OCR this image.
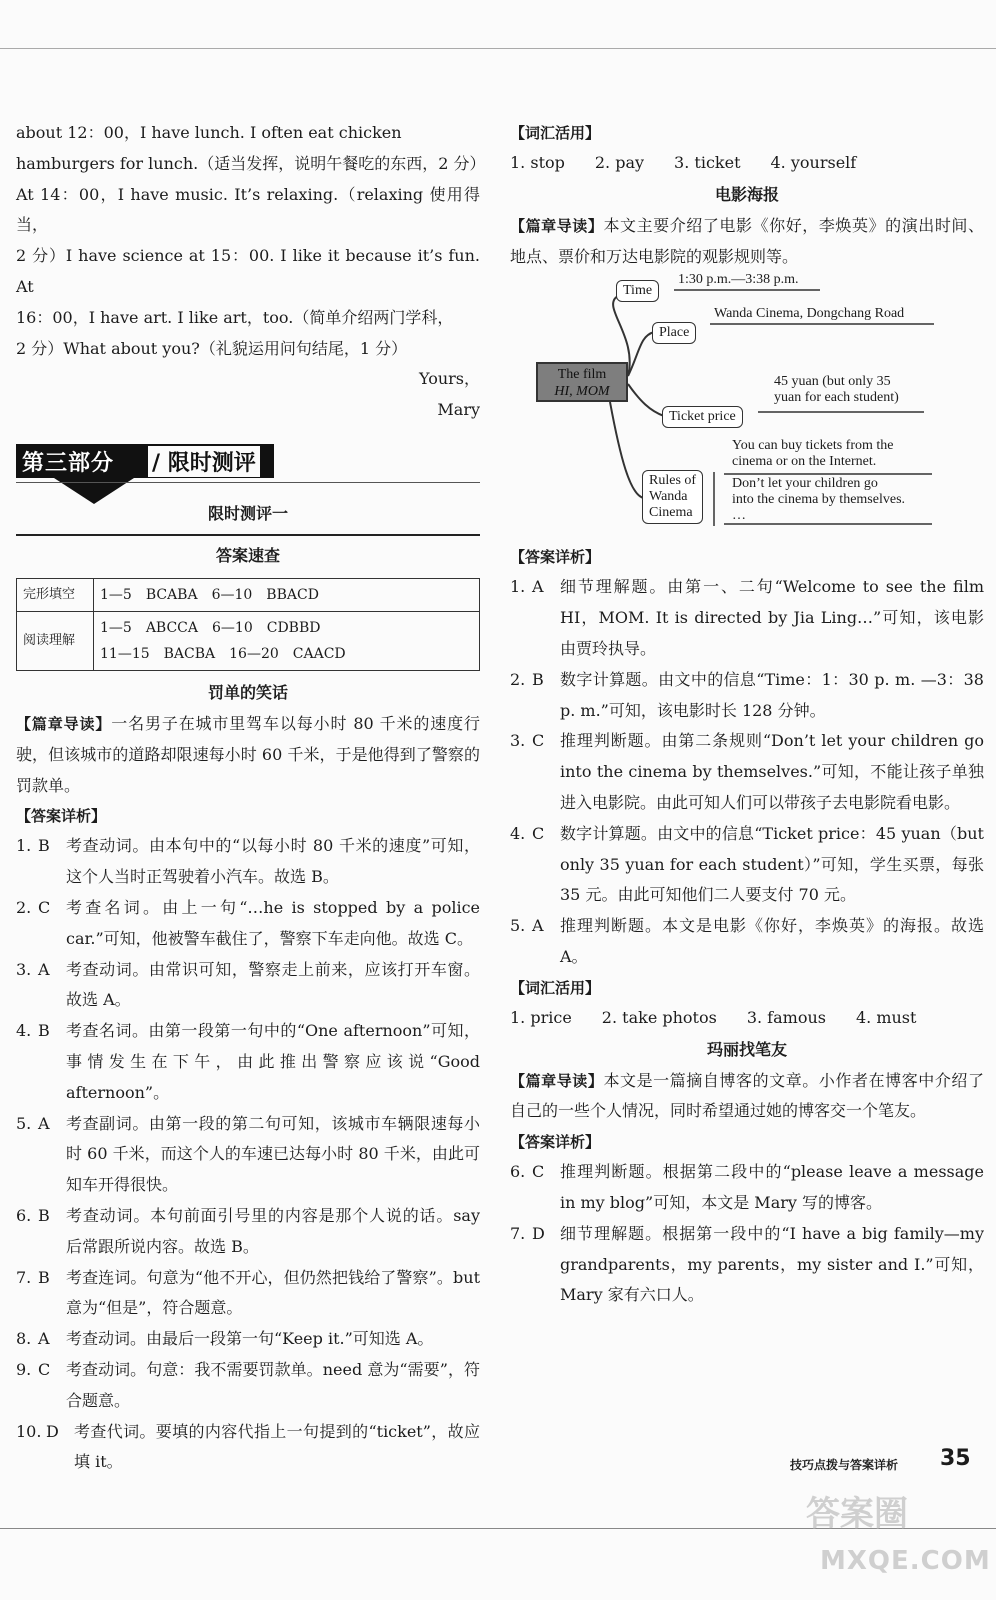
about 12：00，I have lunch. I often eat chicken

hamburgers for lunch.（适当发挥，说明午餐吃的东西，2 分）

At 14：00，I have music. It’s relaxing.（relaxing 使用得当，

2 分）I have science at 15：00. I like it because it’s fun. At

16：00，I have art. I like art，too.（简单介绍两门学科，

2 分）What about you?（礼貌运用问句结尾，1 分）

Yours，

Mary

第三部分 / 限时测评
限时测评一
答案速查
完形填空	1—5　BCABA　6—10　BBACD
阅读理解	1—5　ABCCA　6—10　CDBBD
11—15　BACBA　16—20　CAACD
罚单的笑话

【篇章导读】一名男子在城市里驾车以每小时 80 千米的速度行驶，但该城市的道路却限速每小时 60 千米，于是他得到了警察的罚款单。

【答案详析】
1. B	考查动词。由本句中的“以每小时 80 千米的速度”可知，这个人当时正驾驶着小汽车。故选 B。
2. C 考查名词。由上一句“…he is stopped by a police car.”可知，他被警车截住了，警察下车走向他。故选 C。
3. A	考查动词。由常识可知，警察走上前来，应该打开车窗。故选 A。
4. B	考查名词。由第一段第一句中的“One afternoon”可知，事情发生在下午，由此推出警察应该说“Good afternoon”。
5. A	考查副词。由第一段的第二句可知，该城市车辆限速每小时 60 千米，而这个人的车速已达每小时 80 千米，由此可知车开得很快。
6. B	考查动词。本句前面引号里的内容是那个人说的话。say 后常跟所说内容。故选 B。
7. B	考查连词。句意为“他不开心，但仍然把钱给了警察”。but 意为“但是”，符合题意。
8. A	考查动词。由最后一段第一句“Keep it.”可知选 A。
9. C 考查动词。句意：我不需要罚款单。need 意为“需要”，符合题意。
10. D 考查代词。要填的内容代指上一句提到的“ticket”，故应填 it。
【词汇活用】
1. stop 2. pay 3. ticket 4. yourself
电影海报

【篇章导读】本文主要介绍了电影《你好，李焕英》的演出时间、地点、票价和万达电影院的观影规则等。

The film
HI, MOM
Time
1:30 p.m.—3:38 p.m.
Place
Wanda Cinema, Dongchang Road
Ticket price
45 yuan (but only 35
yuan for each student)
Rules of
Wanda
Cinema
You can buy tickets from the
cinema or on the Internet.
Don’t let your children go
into the cinema by themselves.
…
【答案详析】
1. A	细节理解题。由第一、二句“Welcome to see the film HI，MOM. It is directed by Jia Ling…”可知，该电影由贾玲执导。
2. B	数字计算题。由文中的信息“Time：1：30 p. m. —3：38 p. m.”可知，该电影时长 128 分钟。
3. C 推理判断题。由第二条规则“Don’t let your children go into the cinema by themselves.”可知，不能让孩子单独进入电影院。由此可知人们可以带孩子去电影院看电影。
4. C 数字计算题。由文中的信息“Ticket price：45 yuan（but only 35 yuan for each student）”可知，学生买票，每张 35 元。由此可知他们二人要支付 70 元。
5. A	推理判断题。本文是电影《你好，李焕英》的海报。故选 A。
【词汇活用】
1. price 2. take photos 3. famous 4. must
玛丽找笔友

【篇章导读】本文是一篇摘自博客的文章。小作者在博客中介绍了自己的一些个人情况，同时希望通过她的博客交一个笔友。

【答案详析】
6. C 推理判断题。根据第二段中的“please leave a message in my blog”可知，本文是 Mary 写的博客。
7. D 细节理解题。根据第一段中的“I have a big family—my grandparents，my parents，my sister and I.”可知，Mary 家有六口人。
技巧点拨与答案详析 35
答案圈
MXQE.COM
